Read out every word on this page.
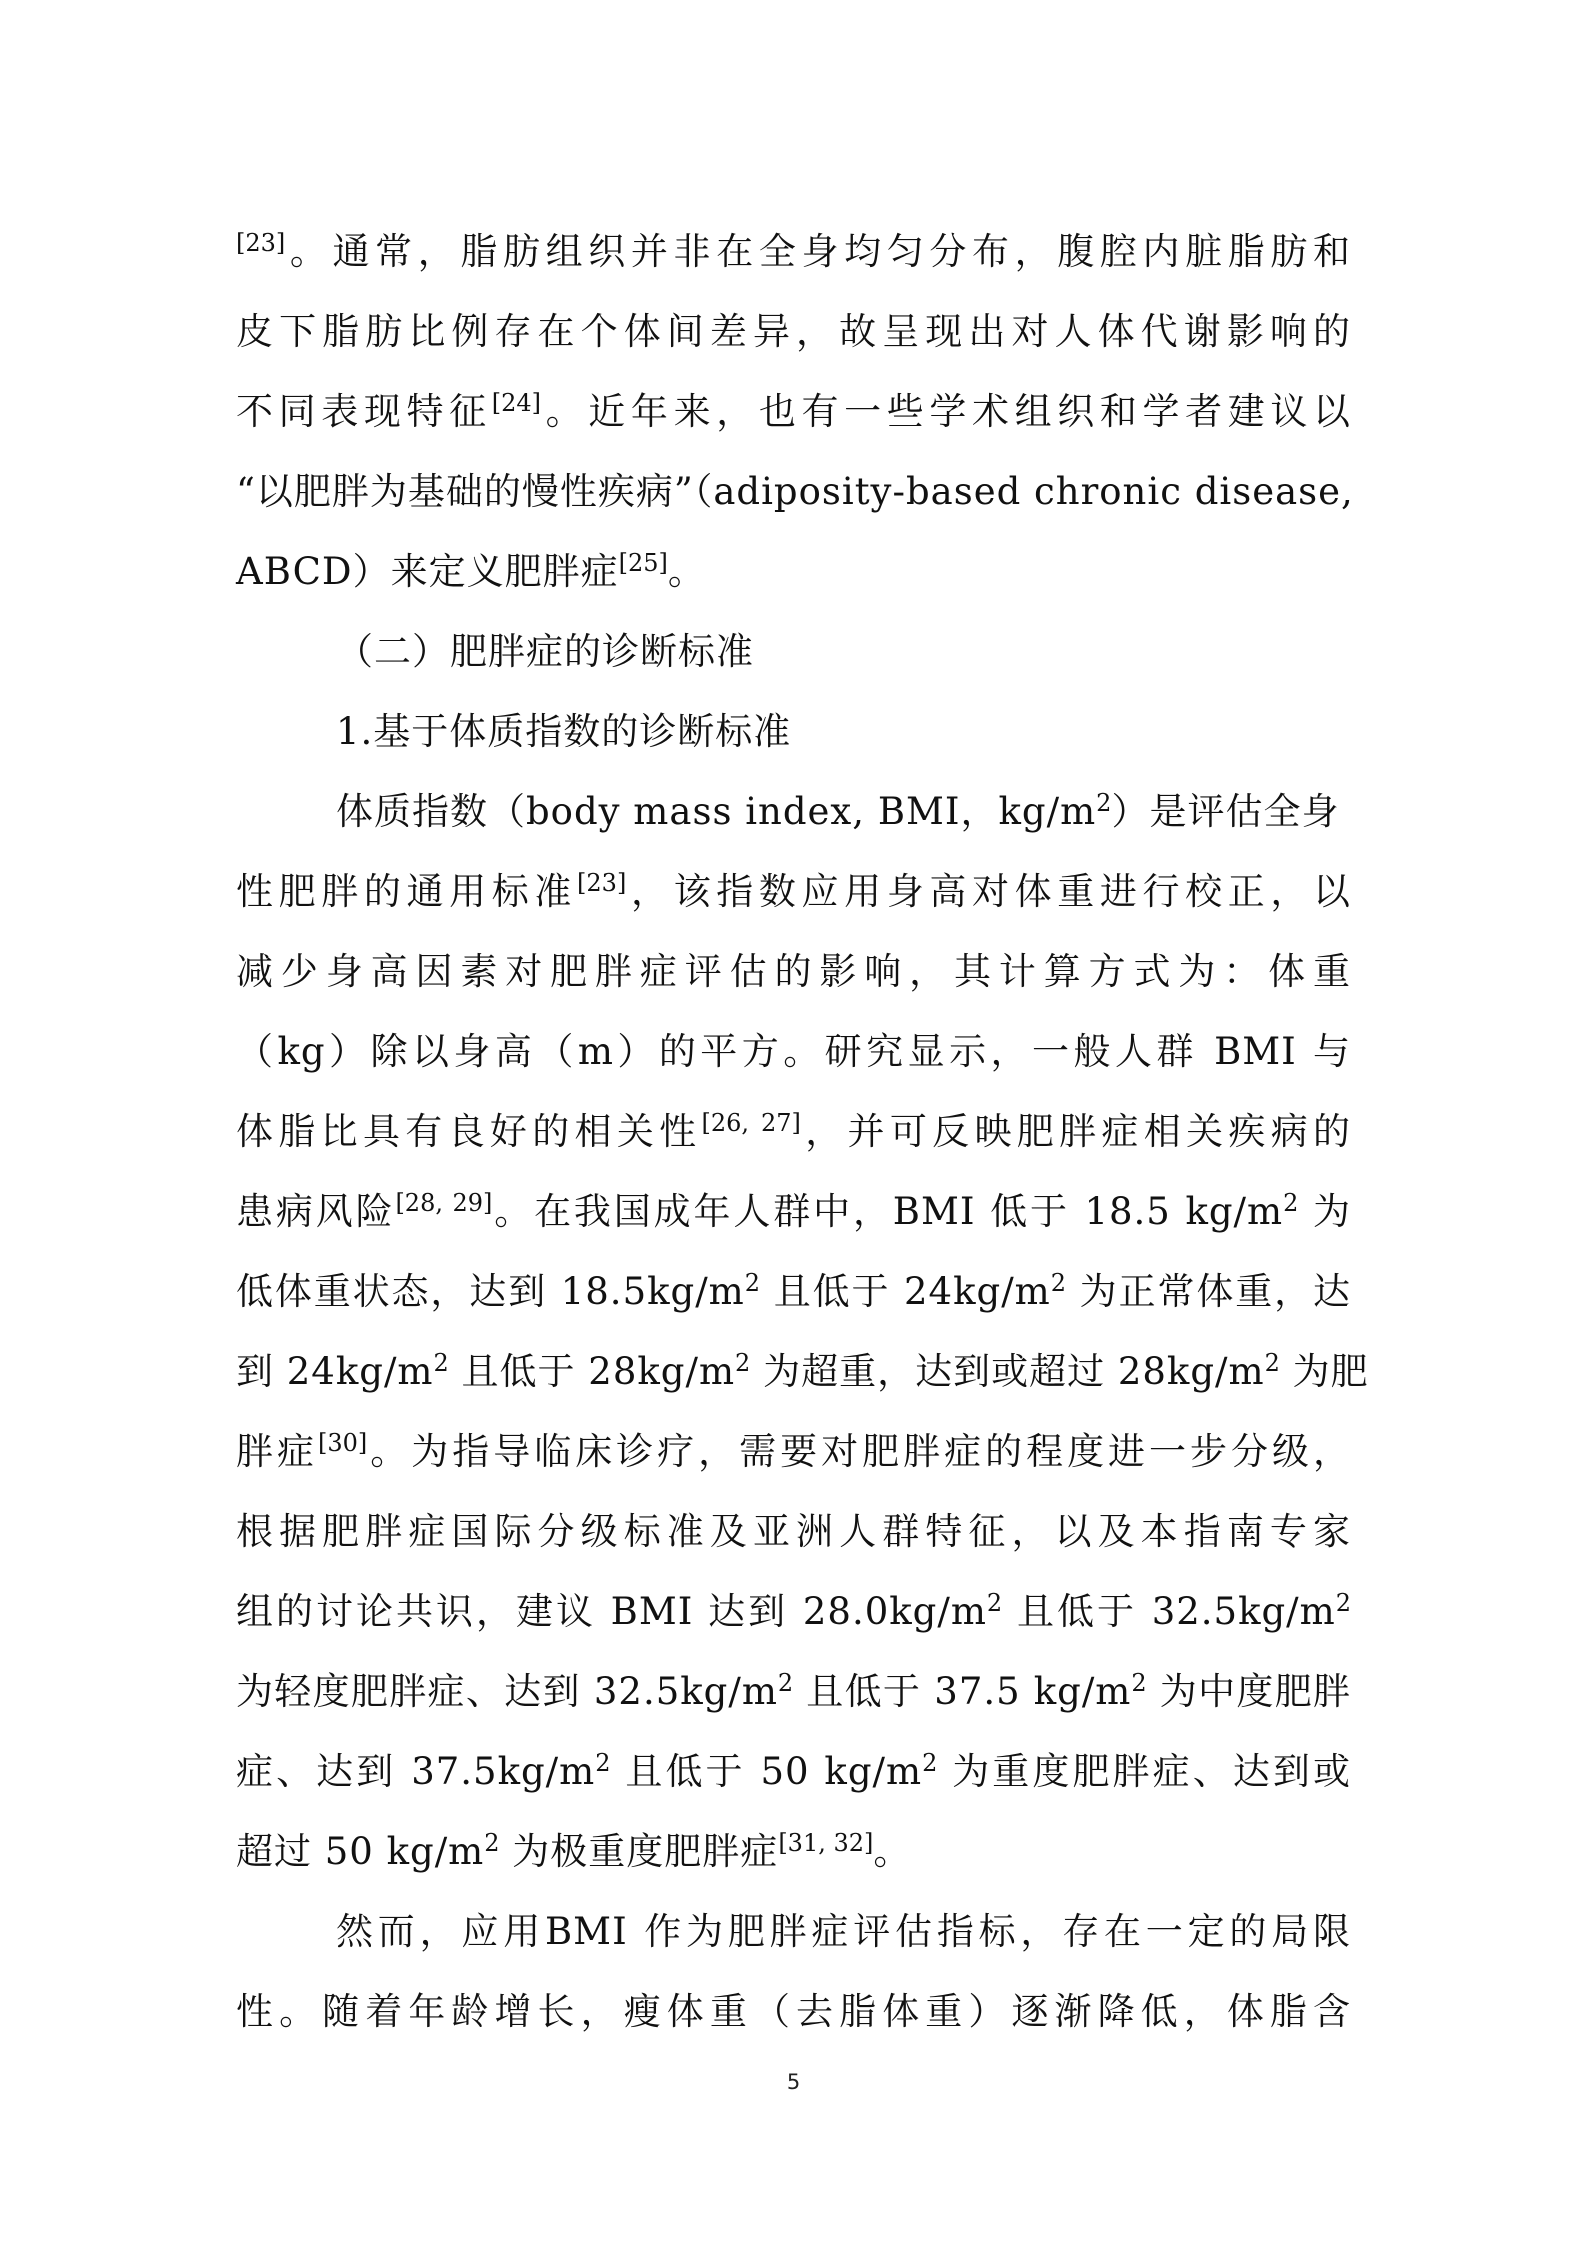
[23]。通常，脂肪组织并非在全身均匀分布，腹腔内脏脂肪和
皮下脂肪比例存在个体间差异，故呈现出对人体代谢影响的
不同表现特征[24]。近年来，也有一些学术组织和学者建议以
“以肥胖为基础的慢性疾病”（adiposity-based chronic disease,
ABCD）来定义肥胖症[25]。
（二）肥胖症的诊断标准
1.基于体质指数的诊断标准
体质指数（body mass index, BMI，$kg/m^2$）是评估全身
性肥胖的通用标准[23]，该指数应用身高对体重进行校正，以
减少身高因素对肥胖症评估的影响，其计算方式为：体重
（kg）除以身高（m）的平方。研究显示，一般人群 BMI 与
体脂比具有良好的相关性[26, 27]，并可反映肥胖症相关疾病的
患病风险[28, 29]。在我国成年人群中，BMI 低于 18.5 $kg/m^2$ 为
低体重状态，达到 $18.5kg/m^2$ 且低于 $24kg/m^2$ 为正常体重，达
到 $24kg/m^2$ 且低于 $28kg/m^2$ 为超重，达到或超过 $28kg/m^2$ 为肥
胖症[30]。为指导临床诊疗，需要对肥胖症的程度进一步分级，
根据肥胖症国际分级标准及亚洲人群特征，以及本指南专家
组的讨论共识，建议 BMI 达到 $28.0kg/m^2$ 且低于 $32.5kg/m^2$
为轻度肥胖症、达到 $32.5kg/m^2$ 且低于 37.5 $kg/m^2$ 为中度肥胖
症、达到 $37.5kg/m^2$ 且低于 50 $kg/m^2$ 为重度肥胖症、达到或
超过 50 $kg/m^2$ 为极重度肥胖症[31, 32]。
然而，应用BMI 作为肥胖症评估指标，存在一定的局限
性。随着年龄增长，瘦体重（去脂体重）逐渐降低，体脂含
5
